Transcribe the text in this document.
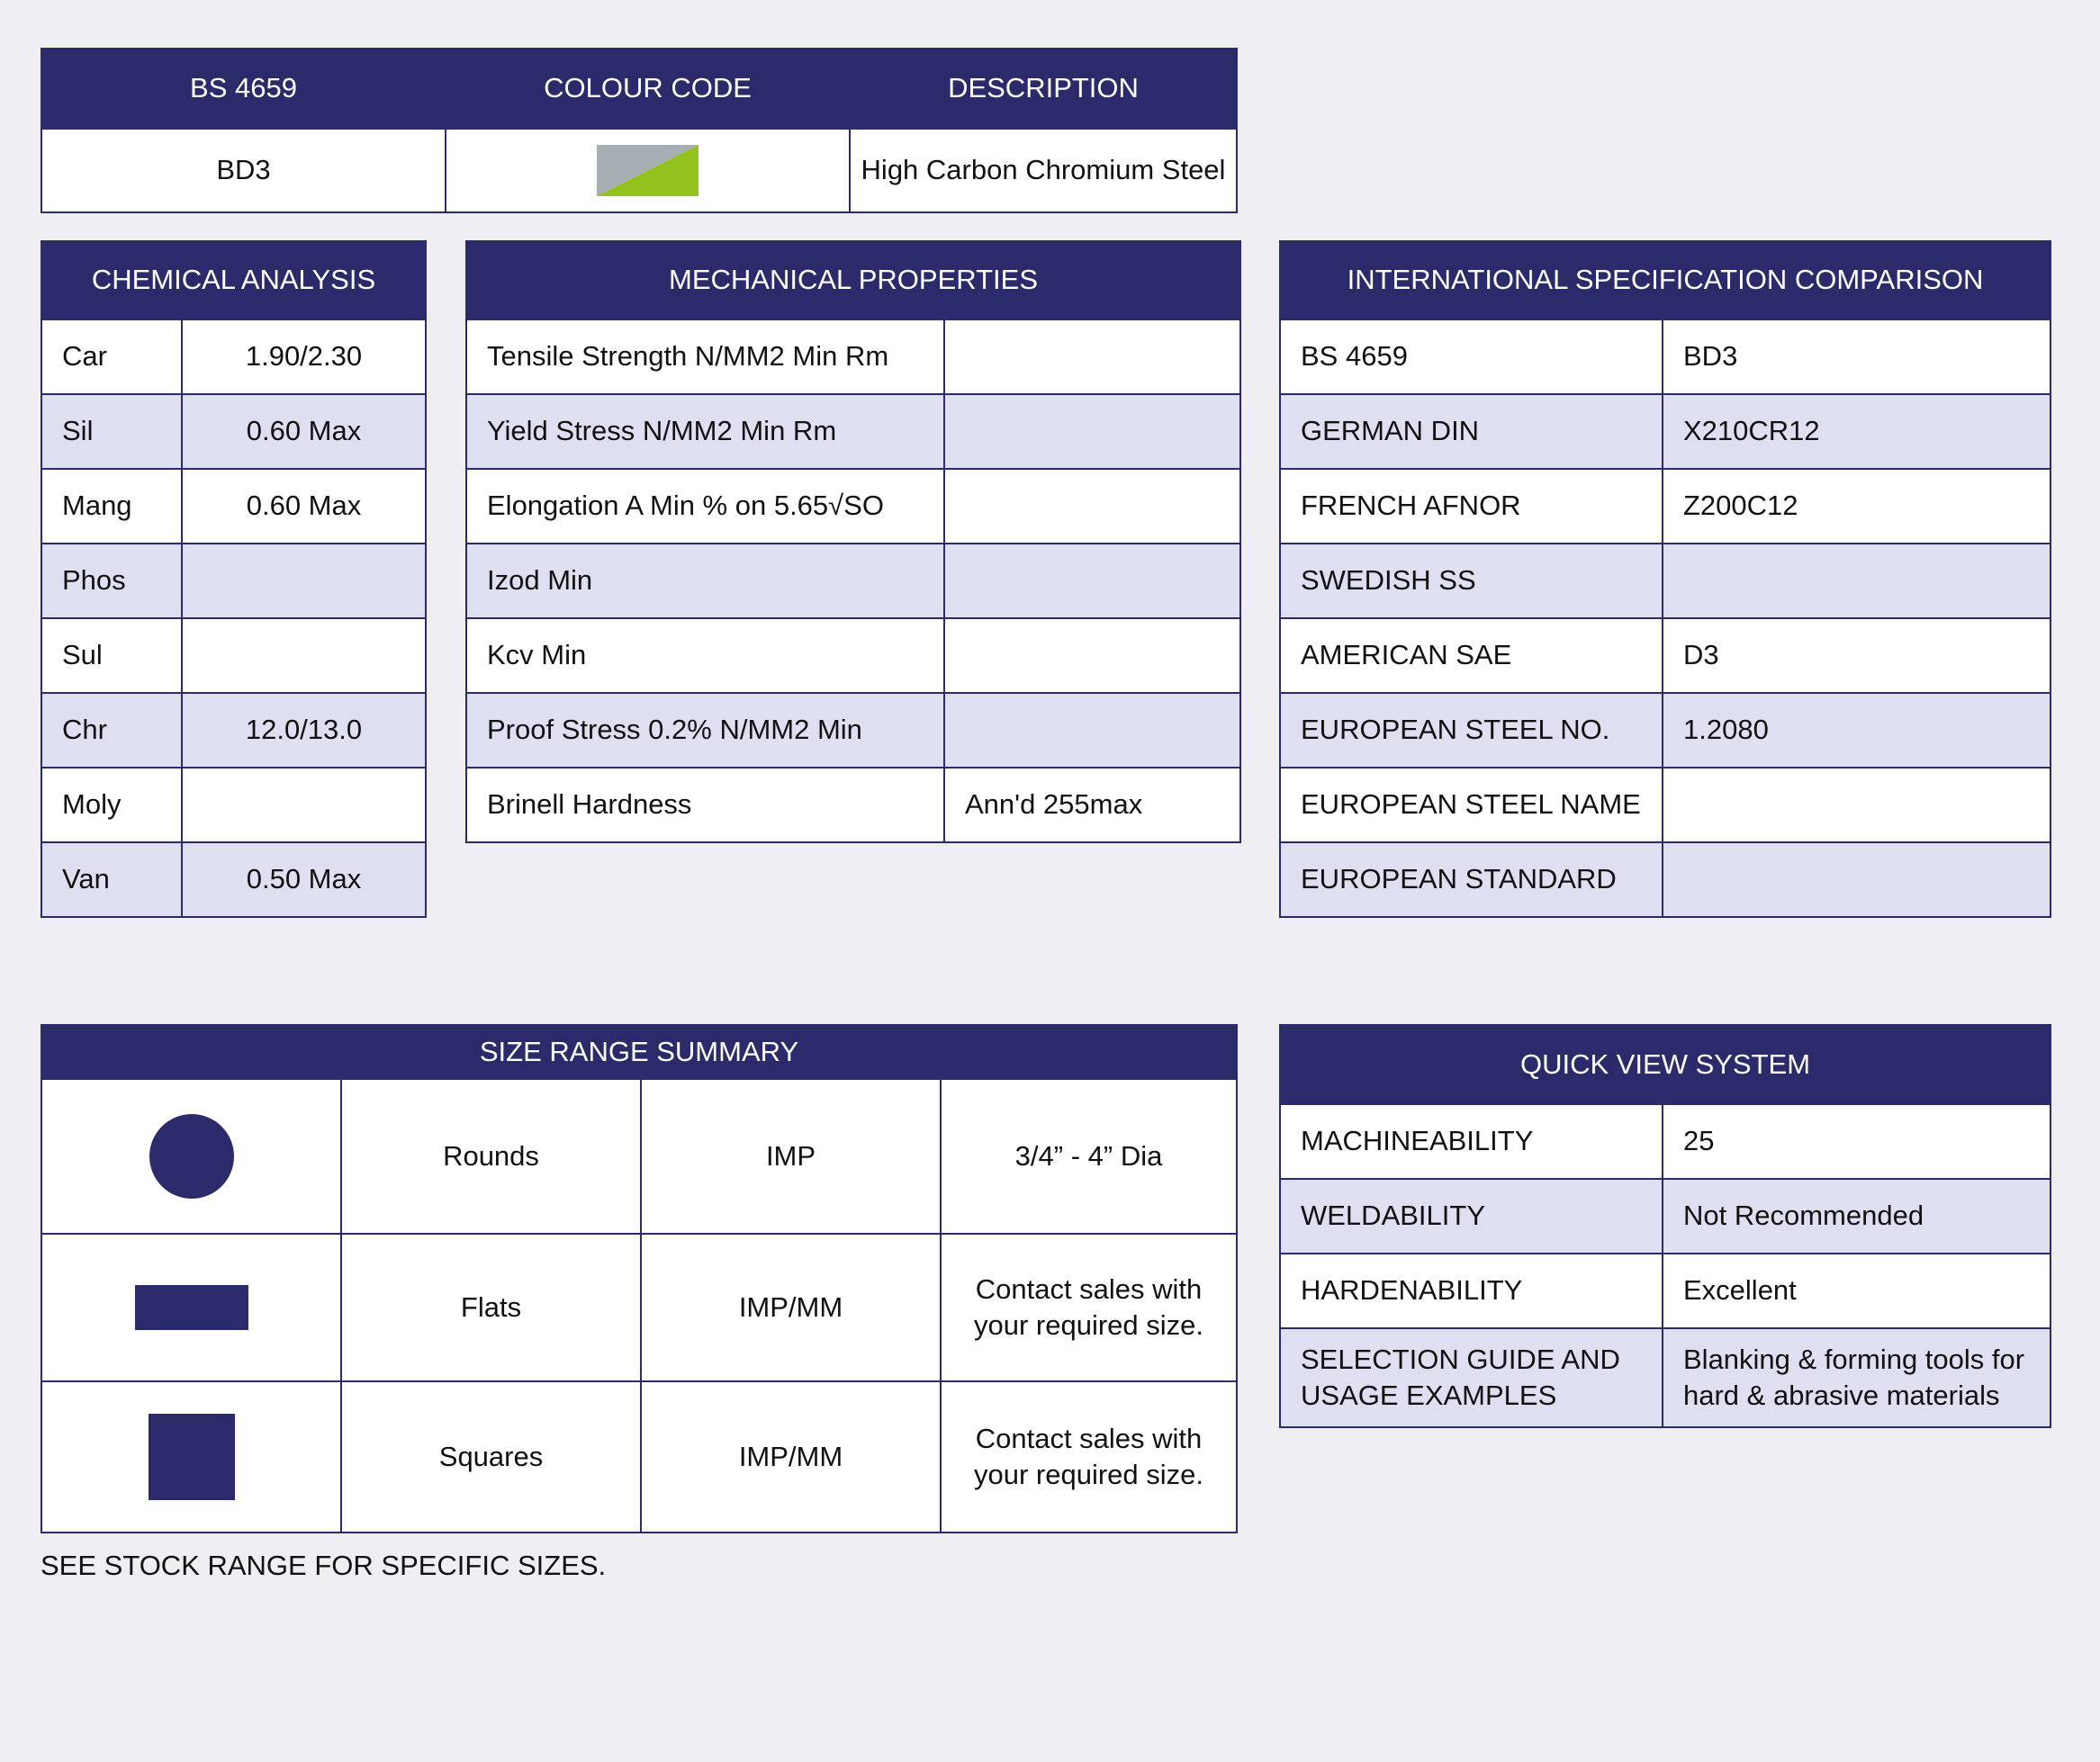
BS 4659	COLOUR CODE	DESCRIPTION
BD3		High Carbon Chromium Steel
CHEMICAL ANALYSIS	
Car	1.90/2.30
Sil	0.60 Max
Mang	0.60 Max
Phos	
Sul	
Chr	12.0/13.0
Moly	
Van	0.50 Max
MECHANICAL PROPERTIES	
Tensile Strength N/MM2 Min Rm	
Yield Stress N/MM2 Min Rm	
Elongation A Min % on 5.65√SO	
Izod Min	
Kcv Min	
Proof Stress 0.2% N/MM2 Min	
Brinell Hardness	Ann'd 255max
INTERNATIONAL SPECIFICATION COMPARISON	
BS 4659	BD3
GERMAN DIN	X210CR12
FRENCH AFNOR	Z200C12
SWEDISH SS	
AMERICAN SAE	D3
EUROPEAN STEEL NO.	1.2080
EUROPEAN STEEL NAME	
EUROPEAN STANDARD	
SIZE RANGE SUMMARY			
	Rounds	IMP	3/4” - 4” Dia
	Flats	IMP/MM	Contact sales with your required size.
	Squares	IMP/MM	Contact sales with your required size.
SEE STOCK RANGE FOR SPECIFIC SIZES.
QUICK VIEW SYSTEM	
MACHINEABILITY	25
WELDABILITY	Not Recommended
HARDENABILITY	Excellent
SELECTION GUIDE AND USAGE EXAMPLES	Blanking & forming tools for hard & abrasive materials
